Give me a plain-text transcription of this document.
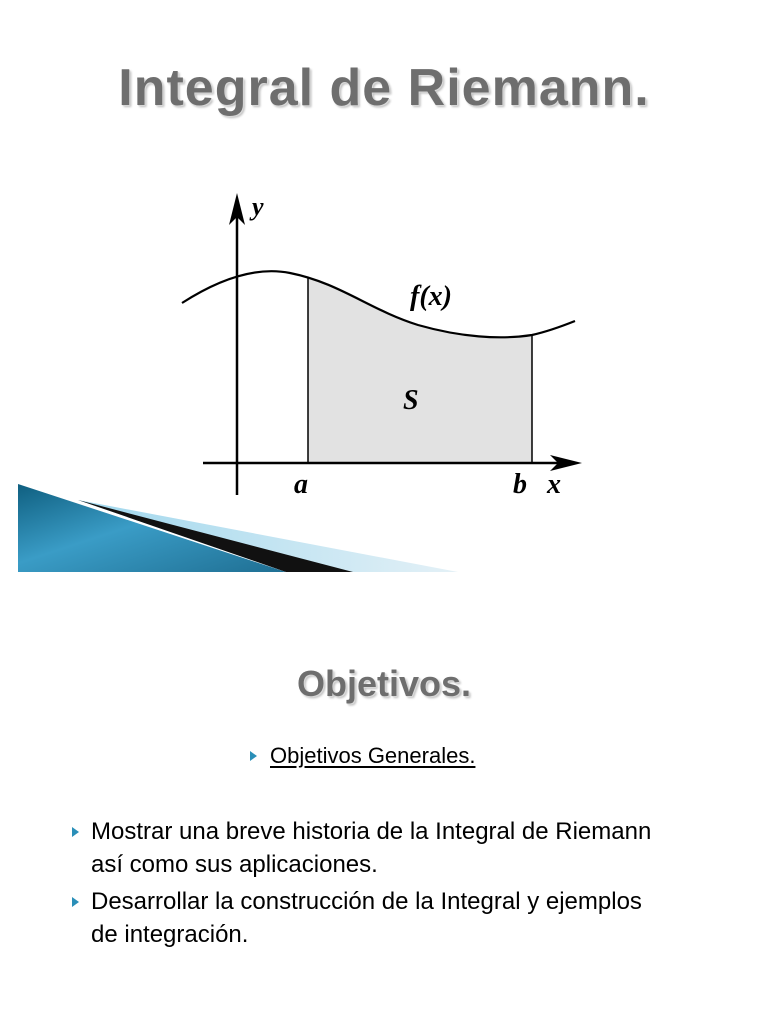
Integral de Riemann.
y
x
f(x)
S
a	b
Objetivos.
Objetivos Generales.
Mostrar una breve historia de la Integral de Riemann así como sus aplicaciones.
Desarrollar la construcción de la Integral y ejemplos de integración.
